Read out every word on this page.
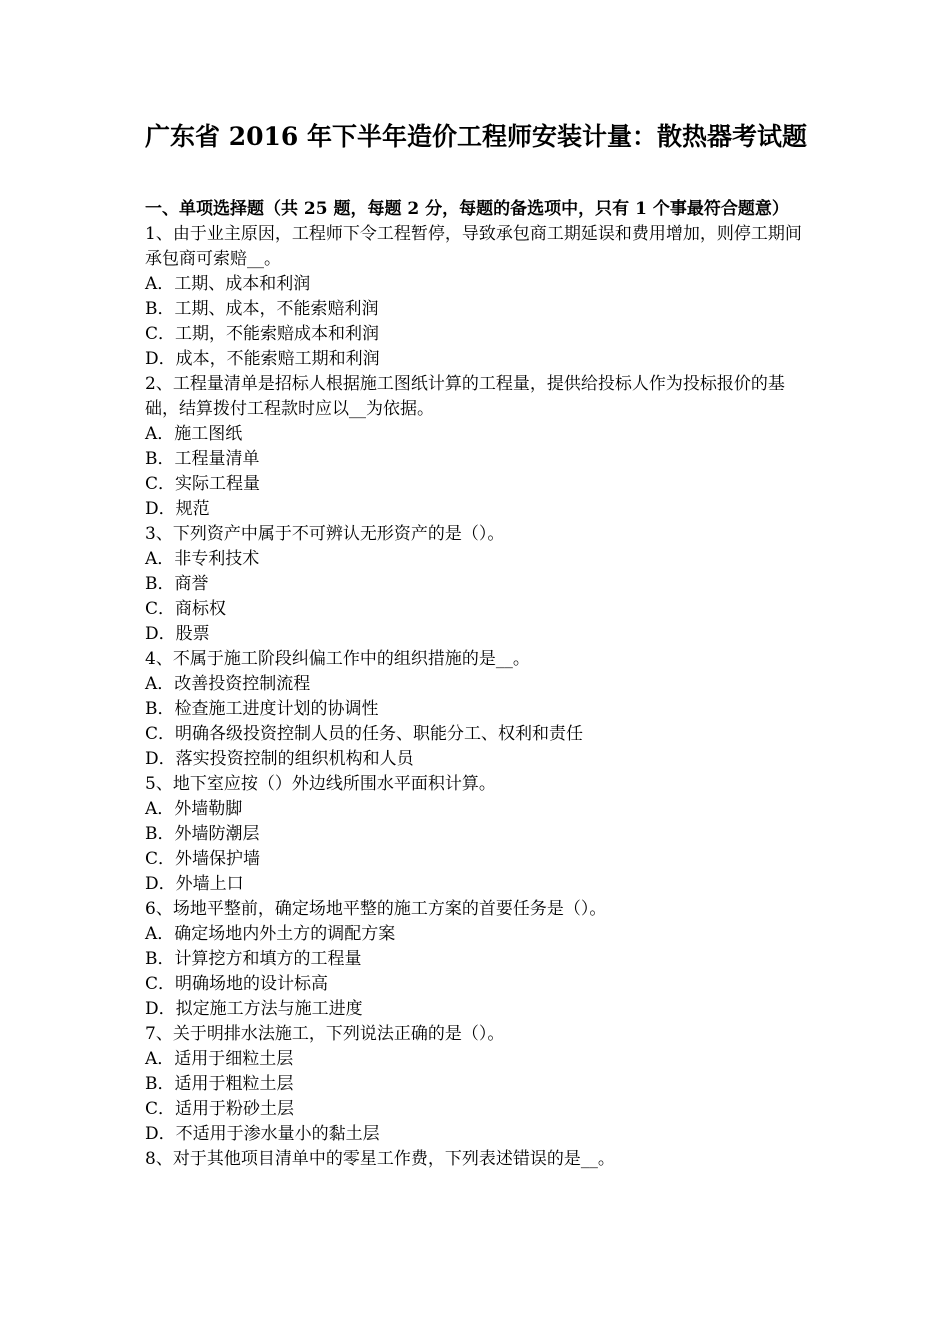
广东省 2016 年下半年造价工程师安装计量：散热器考试题
一、单项选择题（共 25 题，每题 2 分，每题的备选项中，只有 1 个事最符合题意）
1、由于业主原因，工程师下令工程暂停，导致承包商工期延误和费用增加，则停工期间承包商可索赔__。
A．工期、成本和利润
B．工期、成本，不能索赔利润
C．工期，不能索赔成本和利润
D．成本，不能索赔工期和利润
2、工程量清单是招标人根据施工图纸计算的工程量，提供给投标人作为投标报价的基础，结算拨付工程款时应以__为依据。
A．施工图纸
B．工程量清单
C．实际工程量
D．规范
3、下列资产中属于不可辨认无形资产的是（）。
A．非专利技术
B．商誉
C．商标权
D．股票
4、不属于施工阶段纠偏工作中的组织措施的是__。
A．改善投资控制流程
B．检查施工进度计划的协调性
C．明确各级投资控制人员的任务、职能分工、权利和责任
D．落实投资控制的组织机构和人员
5、地下室应按（）外边线所围水平面积计算。
A．外墙勒脚
B．外墙防潮层
C．外墙保护墙
D．外墙上口
6、场地平整前，确定场地平整的施工方案的首要任务是（）。
A．确定场地内外土方的调配方案
B．计算挖方和填方的工程量
C．明确场地的设计标高
D．拟定施工方法与施工进度
7、关于明排水法施工，下列说法正确的是（）。
A．适用于细粒土层
B．适用于粗粒土层
C．适用于粉砂土层
D．不适用于渗水量小的黏土层
8、对于其他项目清单中的零星工作费，下列表述错误的是__。
